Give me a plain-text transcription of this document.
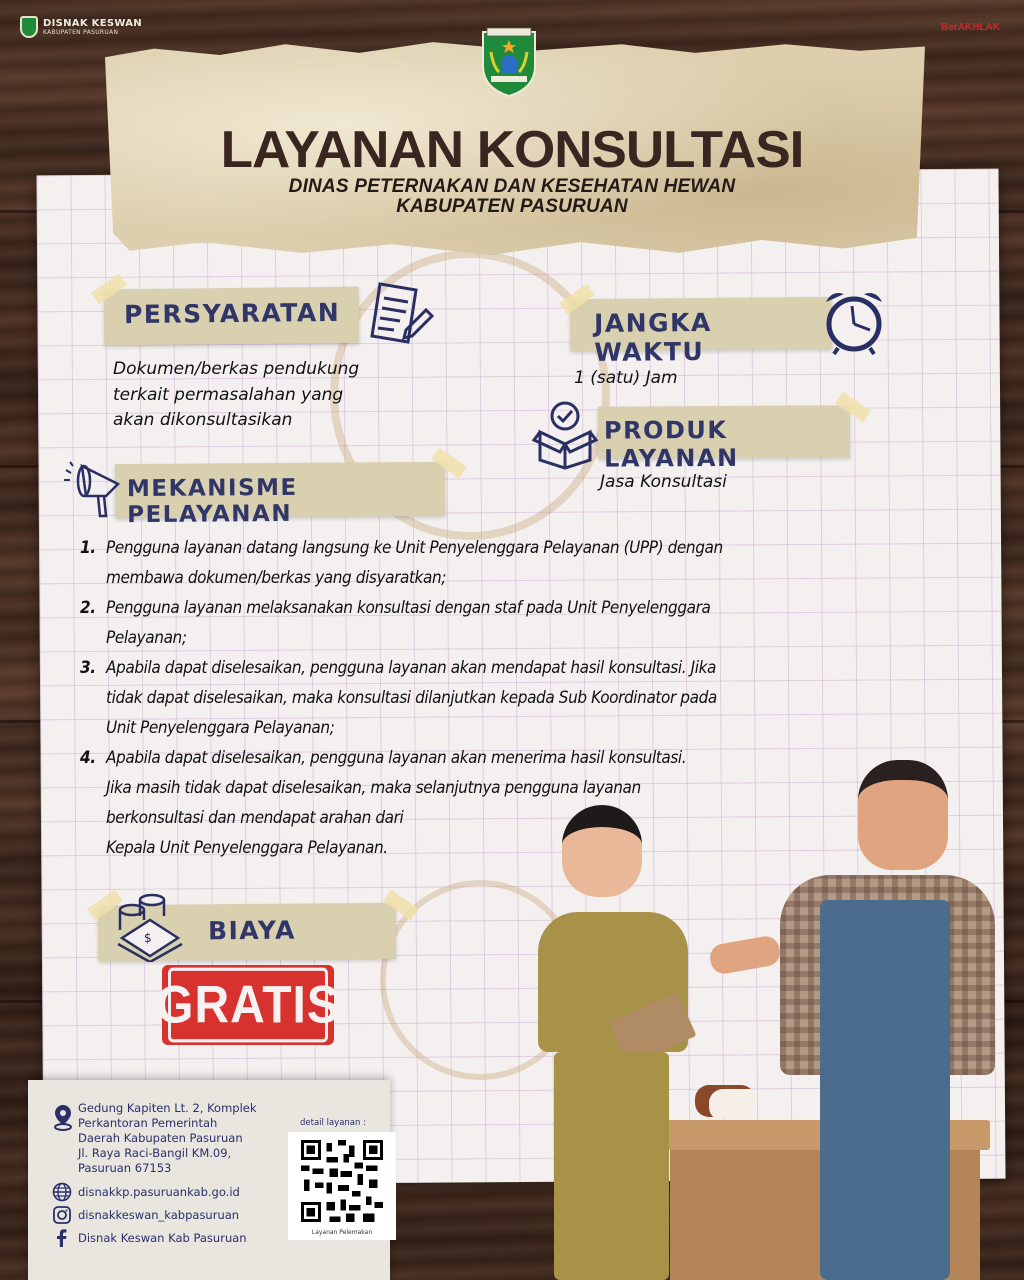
DISNAK KESWAN
KABUPATEN PASURUAN	BerAKHLAK
LAYANAN KONSULTASI
DINAS PETERNAKAN DAN KESEHATAN HEWAN
KABUPATEN PASURUAN
PERSYARATAN
Dokumen/berkas pendukung
terkait permasalahan yang
akan dikonsultasikan
JANGKA WAKTU
1 (satu) Jam
PRODUK LAYANAN
Jasa Konsultasi
MEKANISME PELAYANAN
1. Pengguna layanan datang langsung ke Unit Penyelenggara Pelayanan (UPP) dengan
membawa dokumen/berkas yang disyaratkan;
2. Pengguna layanan melaksanakan konsultasi dengan staf pada Unit Penyelenggara
Pelayanan;
3. Apabila dapat diselesaikan, pengguna layanan akan mendapat hasil konsultasi. Jika
tidak dapat diselesaikan, maka konsultasi dilanjutkan kepada Sub Koordinator pada
Unit Penyelenggara Pelayanan;
4. Apabila dapat diselesaikan, pengguna layanan akan menerima hasil konsultasi.
Jika masih tidak dapat diselesaikan, maka selanjutnya pengguna layanan
berkonsultasi dan mendapat arahan dari
Kepala Unit Penyelenggara Pelayanan.
BIAYA
$
GRATIS
Gedung Kapiten Lt. 2, Komplek
Perkantoran Pemerintah
Daerah Kabupaten Pasuruan
Jl. Raya Raci-Bangil KM.09,
Pasuruan 67153
disnakkp.pasuruankab.go.id
disnakkeswan_kabpasuruan
Disnak Keswan Kab Pasuruan
detail layanan :
Layanan Pelemakan
